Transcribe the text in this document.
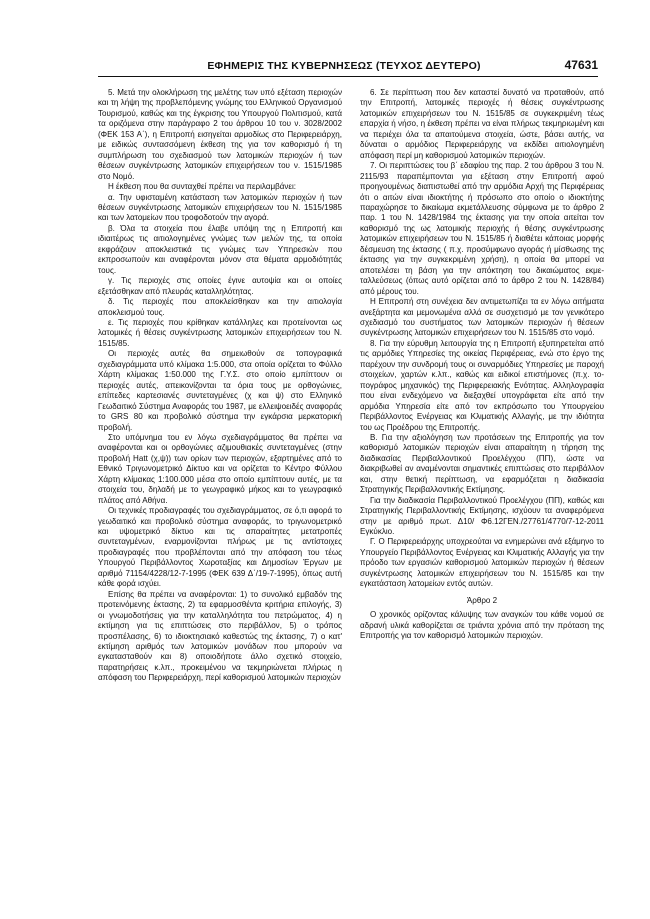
ΕΦΗΜΕΡΙΣ ΤΗΣ ΚΥΒΕΡΝΗΣΕΩΣ (ΤΕΥΧΟΣ ΔΕΥΤΕΡΟ)	47631

5. Μετά την ολοκλήρωση της μελέτης των υπό εξέταση περιοχών και τη λήψη της προβλεπόμενης γνώμης του Ελληνικού Οργανισμού Τουρισμού, καθώς και της έγκρισης του Υπουργού Πολιτισμού, κατά τα οριζόμενα στην παράγραφο 2 του άρθρου 10 του ν. 3028/2002 (ΦΕΚ 153 Α΄), η Επιτροπή εισηγείται αρμοδίως στο Περιφερειάρχη, με ειδικώς συντασσόμενη έκθεση της για τον καθορισμό ή τη συμπλήρωση του σχεδιασμού των λατομικών περιοχών ή των θέσεων συγκέντρωσης λατομικών επιχειρήσεων του ν. 1515/1985 στο Νομό.

Η έκθεση που θα συνταχθεί πρέπει να περιλαμβάνει:

α. Την υφισταμένη κατάσταση των λατομικών περιοχών ή των θέσεων συγκέντρωσης λατομικών επιχειρήσεων του Ν. 1515/1985 και των λατομείων που τροφοδοτούν την αγορά.

β. Όλα τα στοιχεία που έλαβε υπόψη της η Επιτροπή και ιδιαιτέρως τις αιτιολογημένες γνώμες των μελών της, τα οποία εκφράζουν αποκλειστικά τις γνώμες των Υπηρεσιών που εκπροσωπούν και αναφέρονται μόνον στα θέματα αρμοδιότητάς τους.

γ. Τις περιοχές στις οποίες έγινε αυτοψία και οι οποίες εξετάσθηκαν από πλευράς καταλληλότητας.

δ. Τις περιοχές που αποκλείσθηκαν και την αιτιολογία αποκλεισμού τους.

ε. Τις περιοχές που κρίθηκαν κατάλληλες και προτείνονται ως λατομικές ή θέσεις συγκέντρωσης λατομικών επιχειρήσεων του Ν. 1515/85.

Οι περιοχές αυτές θα σημειωθούν σε τοπογραφικά σχεδιαγράμματα υπό κλίμακα 1:5.000, στα οποία ορίζεται το Φύλλο Χάρτη κλίμακας 1:50.000 της Γ.Υ.Σ. στο οποίο εμπίπτουν οι περιοχές αυτές, απεικονίζονται τα όρια τους με ορθογώνιες, επίπεδες καρτεσιανές συντεταγμένες (χ και ψ) στο Ελληνικό Γεωδαιτικό Σύστημα Αναφοράς του 1987, με ελλειψοειδές αναφοράς το GRS 80 και προβολικό σύστημα την εγκάρσια μερκατορική προβολή.

Στο υπόμνημα του εν λόγω σχεδιαγράμματος θα πρέπει να αναφέρονται και οι ορθογώνιες αζιμουθιακές συντεταγμένες (στην προβολή Hatt (χ,ψ)) των ορίων των περιοχών, εξαρτημένες από το Εθνικό Τριγωνομετρικό Δίκτυο και να ορίζεται το Κέντρο Φύλλου Χάρτη κλίμακας 1:100.000 μέσα στο οποίο εμπίπτουν αυτές, με τα στοιχεία του, δηλαδή με το γεωγραφικό μήκος και το γεωγραφικό πλάτος από Αθήνα.

Οι τεχνικές προδιαγραφές του σχεδιαγράμματος, σε ό,τι αφορά το γεωδαιτικό και προβολικό σύστημα αναφοράς, το τριγωνομετρικό και υψομετρικό δίκτυο και τις απαραίτητες μετατροπές συντεταγμένων, εναρμονίζονται πλήρως με τις αντίστοιχες προδιαγραφές που προβλέπονται από την απόφαση του τέως Υπουργού Περιβάλλοντος Χωροταξίας και Δημοσίων Έργων με αριθμό 71154/4228/12-7-1995 (ΦΕΚ 639 Δ΄/19-7-1995), όπως αυτή κάθε φορά ισχύει.

Επίσης θα πρέπει να αναφέρονται: 1) το συνολικό εμβαδόν της προτεινόμενης έκτασης, 2) τα εφαρμοσθέντα κριτήρια επιλογής, 3) οι γνωμοδοτήσεις για την καταλληλότητα του πετρώματος, 4) η εκτίμηση για τις επιπτώσεις στο περιβάλλον, 5) ο τρόπος προσπέλασης, 6) το ιδιοκτησιακό καθεστώς της έκτασης, 7) ο κατ' εκτίμηση αριθμός των λατομικών μονάδων που μπορούν να εγκατασταθούν και 8) οποιοδήποτε άλλο σχετικό στοιχείο, παρατηρήσεις κ.λπ., προκειμένου να τεκμηριώνεται πλήρως η απόφαση του Περιφερειάρχη, περί καθορισμού λατομικών περιοχών

6. Σε περίπτωση που δεν καταστεί δυνατό να προταθούν, από την Επιτροπή, λατομικές περιοχές ή θέσεις συγκέντρωσης λατομικών επιχειρήσεων του Ν. 1515/85 σε συγκεκριμένη τέως επαρχία ή νήσο, η έκθεση πρέπει να είναι πλήρως τεκμηριωμένη και να περιέχει όλα τα απαιτούμενα στοιχεία, ώστε, βάσει αυτής, να δύναται ο αρμόδιος Περιφερειάρχης να εκδίδει αιτιολογημένη απόφαση περί μη καθορισμού λατομικών περιοχών.

7. Οι περιπτώσεις του β΄ εδαφίου της παρ. 2 του άρθρου 3 του Ν. 2115/93 παραπέμπονται για εξέταση στην Επιτροπή αφού προηγουμένως διαπιστωθεί από την αρμόδια Αρχή της Περιφέρειας ότι ο αιτών είναι ιδιοκτήτης ή πρόσωπο στο οποίο ο ιδιοκτήτης παραχώρησε το δικαίωμα εκμετάλλευσης σύμφωνα με το άρθρο 2 παρ. 1 του Ν. 1428/1984 της έκτασης για την οποία αιτείται τον καθορισμό της ως λατομικής περιοχής ή θέσης συγκέντρωσης λατομικών επιχειρήσεων του Ν. 1515/85 ή διαθέτει κάποιας μορφής δέσμευση της έκτασης ( π.χ. προσύμφωνο αγοράς ή μίσθωσης της έκτασης για την συγκεκριμένη χρήση), η οποία θα μπορεί να αποτελέσει τη βάση για την απόκτηση του δικαιώματος εκμεταλλεύσεως (όπως αυτό ορίζεται από το άρθρο 2 του Ν. 1428/84) από μέρους του.

Η Επιτροπή στη συνέχεια δεν αντιμετωπίζει τα εν λόγω αιτήματα ανεξάρτητα και μεμονωμένα αλλά σε συσχετισμό με τον γενικότερο σχεδιασμό του συστήματος των λατομικών περιοχών ή θέσεων συγκέντρωσης λατομικών επιχειρήσεων του Ν. 1515/85 στο νομό.

8. Για την εύρυθμη λειτουργία της η Επιτροπή εξυπηρετείται από τις αρμόδιες Υπηρεσίες της οικείας Περιφέρειας, ενώ στο έργο της παρέχουν την συνδρομή τους οι συναρμόδιες Υπηρεσίες με παροχή στοιχείων, χαρτών κ.λπ., καθώς και ειδικοί επιστήμονες (π.χ. τοπογράφος μηχανικός) της Περιφερειακής Ενότητας. Αλληλογραφία που είναι ενδεχόμενο να διεξαχθεί υπογράφεται είτε από την αρμόδια Υπηρεσία είτε από τον εκπρόσωπο του Υπουργείου Περιβάλλοντος Ενέργειας και Κλιματικής Αλλαγής, με την ιδιότητα του ως Προέδρου της Επιτροπής.

Β. Για την αξιολόγηση των προτάσεων της Επιτροπής για τον καθορισμό λατομικών περιοχών είναι απαραίτητη η τήρηση της διαδικασίας Περιβαλλοντικού Προελέγχου (ΠΠ), ώστε να διακριβωθεί αν αναμένονται σημαντικές επιπτώσεις στο περιβάλλον και, στην θετική περίπτωση, να εφαρμόζεται η διαδικασία Στρατηγικής Περιβαλλοντικής Εκτίμησης.

Για την διαδικασία Περιβαλλοντικού Προελέγχου (ΠΠ), καθώς και Στρατηγικής Περιβαλλοντικής Εκτίμησης, ισχύουν τα αναφερόμενα στην με αριθμό πρωτ. Δ10/ Φ6.12ΓΕΝ./27761/4770/7-12-2011 Εγκύκλιο.

Γ. Ο Περιφερειάρχης υποχρεούται να ενημερώνει ανά εξάμηνο το Υπουργείο Περιβάλλοντος Ενέργειας και Κλιματικής Αλλαγής για την πρόοδο των εργασιών καθορισμού λατομικών περιοχών ή θέσεων συγκέντρωσης λατομικών επιχειρήσεων του Ν. 1515/85 και την εγκατάσταση λατομείων εντός αυτών.

Άρθρο 2

Ο χρονικός ορίζοντας κάλυψης των αναγκών του κάθε νομού σε αδρανή υλικά καθορίζεται σε τριάντα χρόνια από την πρόταση της Επιτροπής για τον καθορισμό λατομικών περιοχών.
